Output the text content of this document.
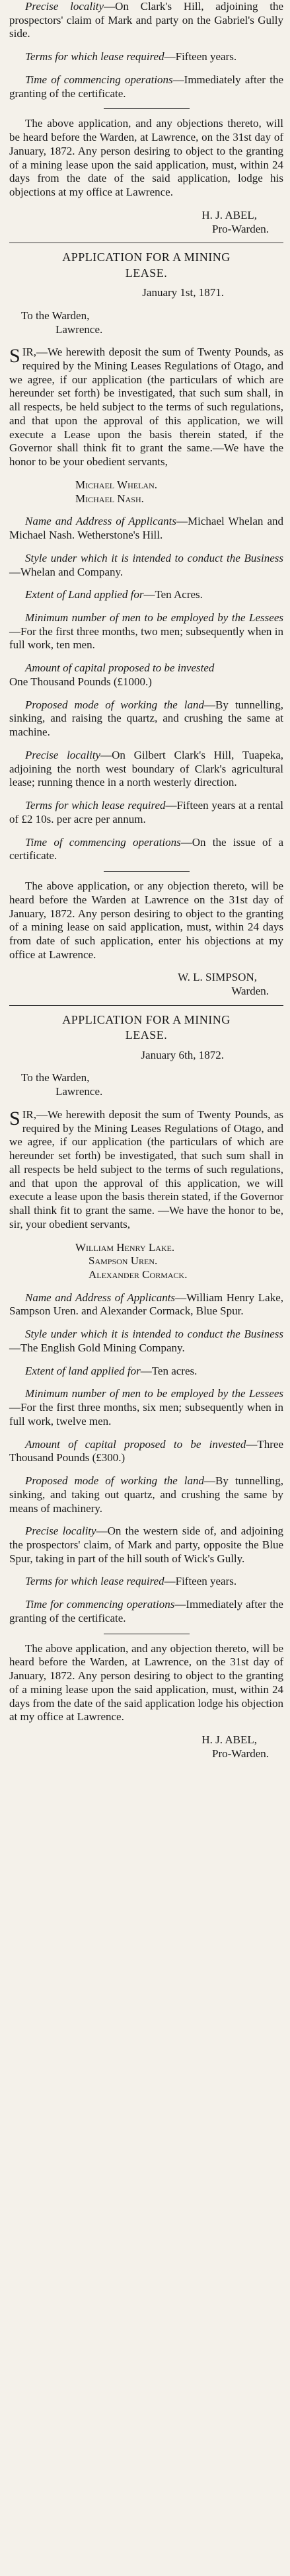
Precise locality—On Clark's Hill, adjoining the prospectors' claim of Mark and party on the Gabriel's Gully side.

Terms for which lease required—Fifteen years.

Time of commencing operations—Immediately after the granting of the certificate.

The above application, and any objections thereto, will be heard before the Warden, at Lawrence, on the 31st day of January, 1872. Any person desiring to object to the granting of a mining lease upon the said application, must, within 24 days from the date of the said application, lodge his objections at my office at Lawrence.

H. J. ABEL,

Pro-Warden.

APPLICATION FOR A MINING
LEASE.

January 1st, 1871.

To the Warden,

Lawrence.

SIR,—We herewith deposit the sum of Twenty Pounds, as required by the Mining Leases Regulations of Otago, and we agree, if our application (the particulars of which are hereunder set forth) be investigated, that such sum shall, in all respects, be held subject to the terms of such regulations, and that upon the approval of this application, we will execute a Lease upon the basis therein stated, if the Governor shall think fit to grant the same.—We have the honor to be your obedient servants,

Michael Whelan.

Michael Nash.

Name and Address of Applicants—Michael Whelan and Michael Nash. Wetherstone's Hill.

Style under which it is intended to conduct the Business—Whelan and Company.

Extent of Land applied for—Ten Acres.

Minimum number of men to be employed by the Lessees—For the first three months, two men; subsequently when in full work, ten men.

Amount of capital proposed to be invested
One Thousand Pounds (£1000.)

Proposed mode of working the land—By tunnelling, sinking, and raising the quartz, and crushing the same at machine.

Precise locality—On Gilbert Clark's Hill, Tuapeka, adjoining the north west boundary of Clark's agricultural lease; running thence in a north westerly direction.

Terms for which lease required—Fifteen years at a rental of £2 10s. per acre per annum.

Time of commencing operations—On the issue of a certificate.

The above application, or any objection thereto, will be heard before the Warden at Lawrence on the 31st day of January, 1872. Any person desiring to object to the granting of a mining lease on said application, must, within 24 days from date of such application, enter his objections at my office at Lawrence.

W. L. SIMPSON,

Warden.

APPLICATION FOR A MINING
LEASE.

January 6th, 1872.

To the Warden,

Lawrence.

SIR,—We herewith deposit the sum of Twenty Pounds, as required by the Mining Leases Regulations of Otago, and we agree, if our application (the particulars of which are hereunder set forth) be investigated, that such sum shall in all respects be held subject to the terms of such regulations, and that upon the approval of this application, we will execute a lease upon the basis therein stated, if the Governor shall think fit to grant the same. —We have the honor to be, sir, your obedient servants,

William Henry Lake.

Sampson Uren.

Alexander Cormack.

Name and Address of Applicants—William Henry Lake, Sampson Uren. and Alexander Cormack, Blue Spur.

Style under which it is intended to conduct the Business—The English Gold Mining Company.

Extent of land applied for—Ten acres.

Minimum number of men to be employed by the Lessees—For the first three months, six men; subsequently when in full work, twelve men.

Amount of capital proposed to be invested—Three Thousand Pounds (£300.)

Proposed mode of working the land—By tunnelling, sinking, and taking out quartz, and crushing the same by means of machinery.

Precise locality—On the western side of, and adjoining the prospectors' claim, of Mark and party, opposite the Blue Spur, taking in part of the hill south of Wick's Gully.

Terms for which lease required—Fifteen years.

Time for commencing operations—Immediately after the granting of the certificate.

The above application, and any objection thereto, will be heard before the Warden, at Lawrence, on the 31st day of January, 1872. Any person desiring to object to the granting of a mining lease upon the said application, must, within 24 days from the date of the said application lodge his objection at my office at Lawrence.

H. J. ABEL,

Pro-Warden.
